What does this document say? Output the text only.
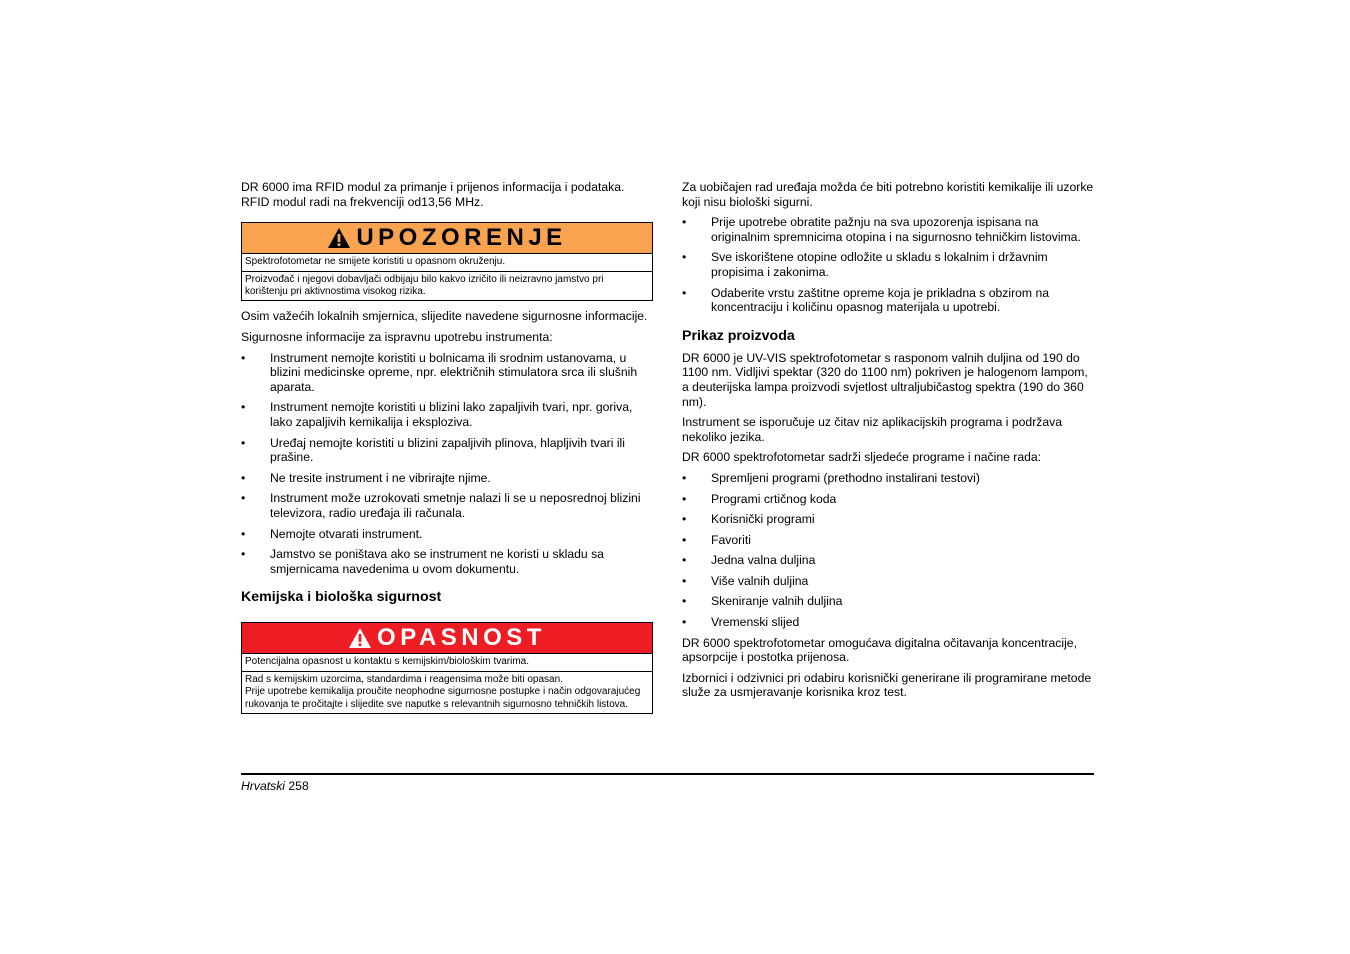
DR 6000 ima RFID modul za primanje i prijenos informacija i podataka. RFID modul radi na frekvenciji od13,56 MHz.

UPOZORENJE
Spektrofotometar ne smijete koristiti u opasnom okruženju.
Proizvođač i njegovi dobavljači odbijaju bilo kakvo izričito ili neizravno jamstvo pri korištenju pri aktivnostima visokog rizika.

Osim važećih lokalnih smjernica, slijedite navedene sigurnosne informacije.

Sigurnosne informacije za ispravnu upotrebu instrumenta:

• Instrument nemojte koristiti u bolnicama ili srodnim ustanovama, u blizini medicinske opreme, npr. električnih stimulatora srca ili slušnih aparata.
• Instrument nemojte koristiti u blizini lako zapaljivih tvari, npr. goriva, lako zapaljivih kemikalija i eksploziva.
• Uređaj nemojte koristiti u blizini zapaljivih plinova, hlapljivih tvari ili prašine.
• Ne tresite instrument i ne vibrirajte njime.
• Instrument može uzrokovati smetnje nalazi li se u neposrednoj blizini televizora, radio uređaja ili računala.
• Nemojte otvarati instrument.
• Jamstvo se poništava ako se instrument ne koristi u skladu sa smjernicama navedenima u ovom dokumentu.
Kemijska i biološka sigurnost
OPASNOST
Potencijalna opasnost u kontaktu s kemijskim/biološkim tvarima.
Rad s kemijskim uzorcima, standardima i reagensima može biti opasan.
Prije upotrebe kemikalija proučite neophodne sigurnosne postupke i način odgovarajućeg rukovanja te pročitajte i slijedite sve naputke s relevantnih sigurnosno tehničkih listova.

Za uobičajen rad uređaja možda će biti potrebno koristiti kemikalije ili uzorke koji nisu biološki sigurni.

• Prije upotrebe obratite pažnju na sva upozorenja ispisana na originalnim spremnicima otopina i na sigurnosno tehničkim listovima.
• Sve iskorištene otopine odložite u skladu s lokalnim i državnim propisima i zakonima.
• Odaberite vrstu zaštitne opreme koja je prikladna s obzirom na koncentraciju i količinu opasnog materijala u upotrebi.
Prikaz proizvoda

DR 6000 je UV-VIS spektrofotometar s rasponom valnih duljina od 190 do 1100 nm. Vidljivi spektar (320 do 1100 nm) pokriven je halogenom lampom, a deuterijska lampa proizvodi svjetlost ultraljubičastog spektra (190 do 360 nm).

Instrument se isporučuje uz čitav niz aplikacijskih programa i podržava nekoliko jezika.

DR 6000 spektrofotometar sadrži sljedeće programe i načine rada:

• Spremljeni programi (prethodno instalirani testovi)
• Programi crtičnog koda
• Korisnički programi
• Favoriti
• Jedna valna duljina
• Više valnih duljina
• Skeniranje valnih duljina
• Vremenski slijed

DR 6000 spektrofotometar omogućava digitalna očitavanja koncentracije, apsorpcije i postotka prijenosa.

Izbornici i odzivnici pri odabiru korisnički generirane ili programirane metode služe za usmjeravanje korisnika kroz test.

Hrvatski 258
